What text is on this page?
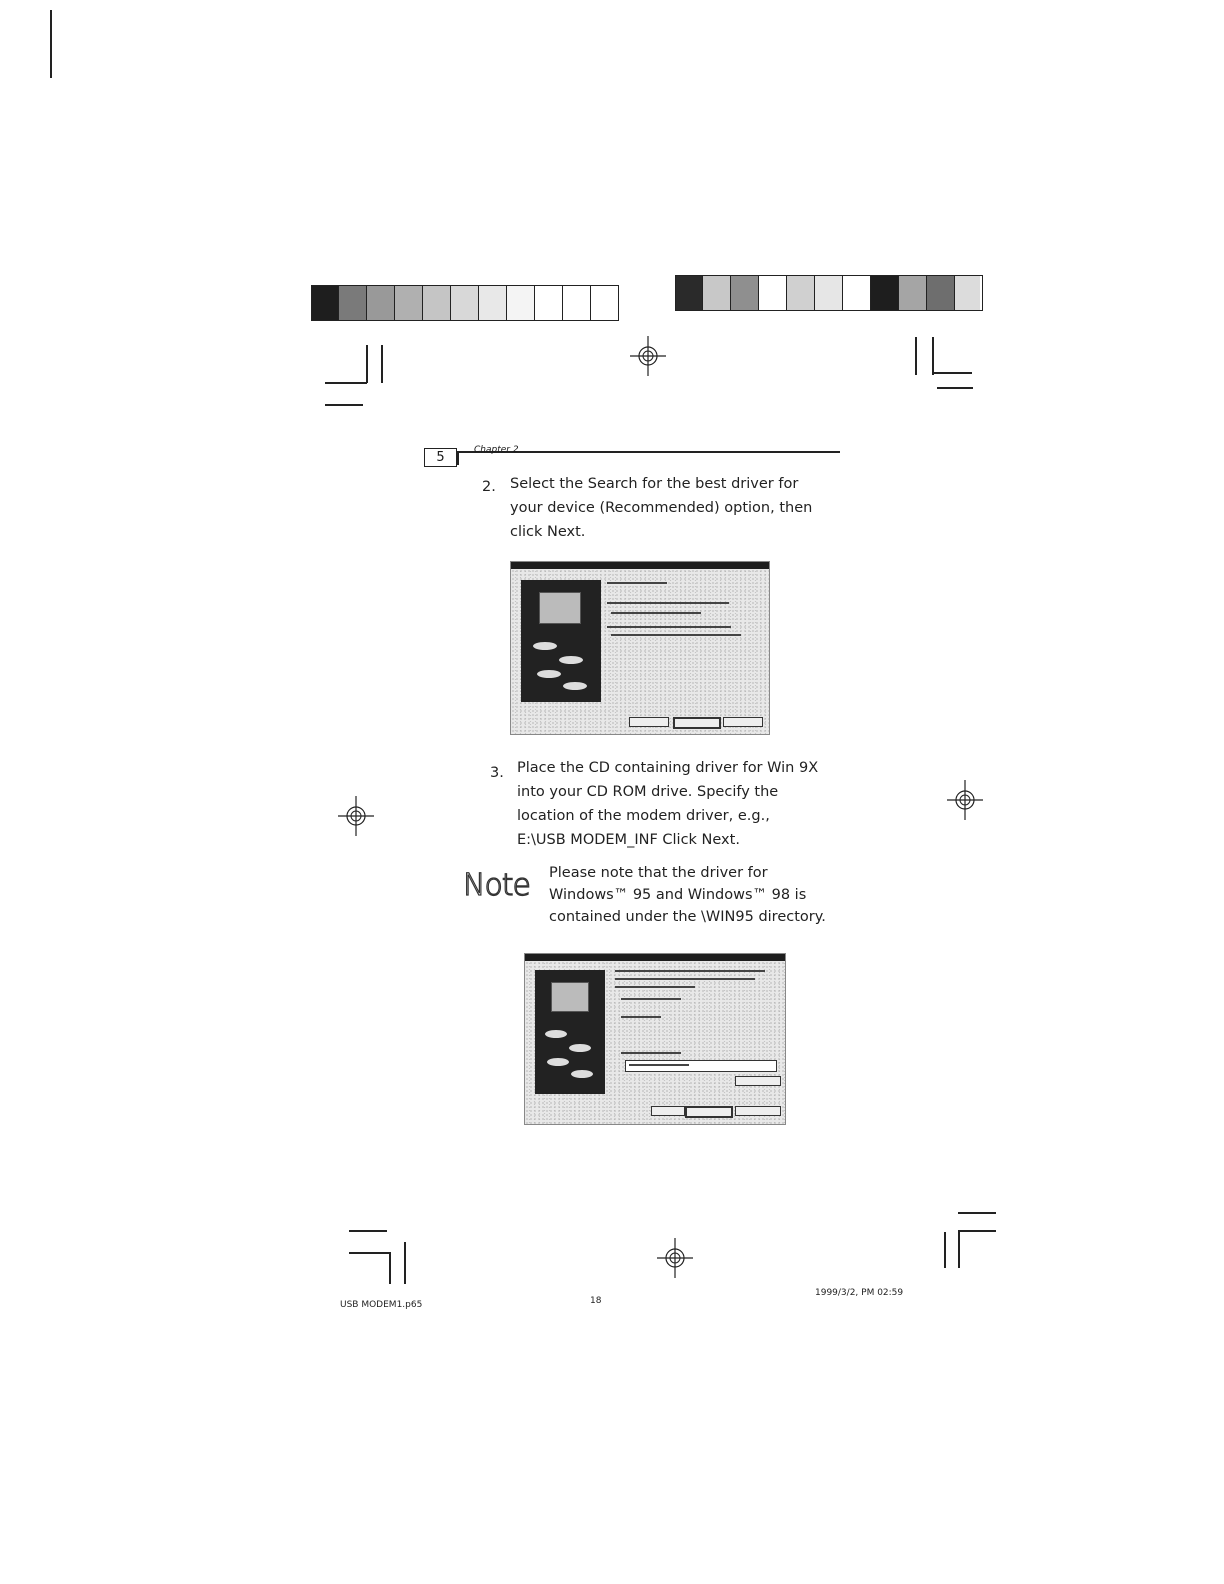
5	Chapter 2
2. Select the Search for the best driver for
your device (Recommended) option, then
click Next.
3. Place the CD containing driver for Win 9X
into your CD ROM drive. Specify the
location of the modem driver, e.g.,
E:\USB MODEM_INF Click Next.
Note Please note that the driver for
Windows™ 95 and Windows™ 98 is
contained under the \WIN95 directory.
USB MODEM1.p65	18
1999/3/2, PM 02:59
